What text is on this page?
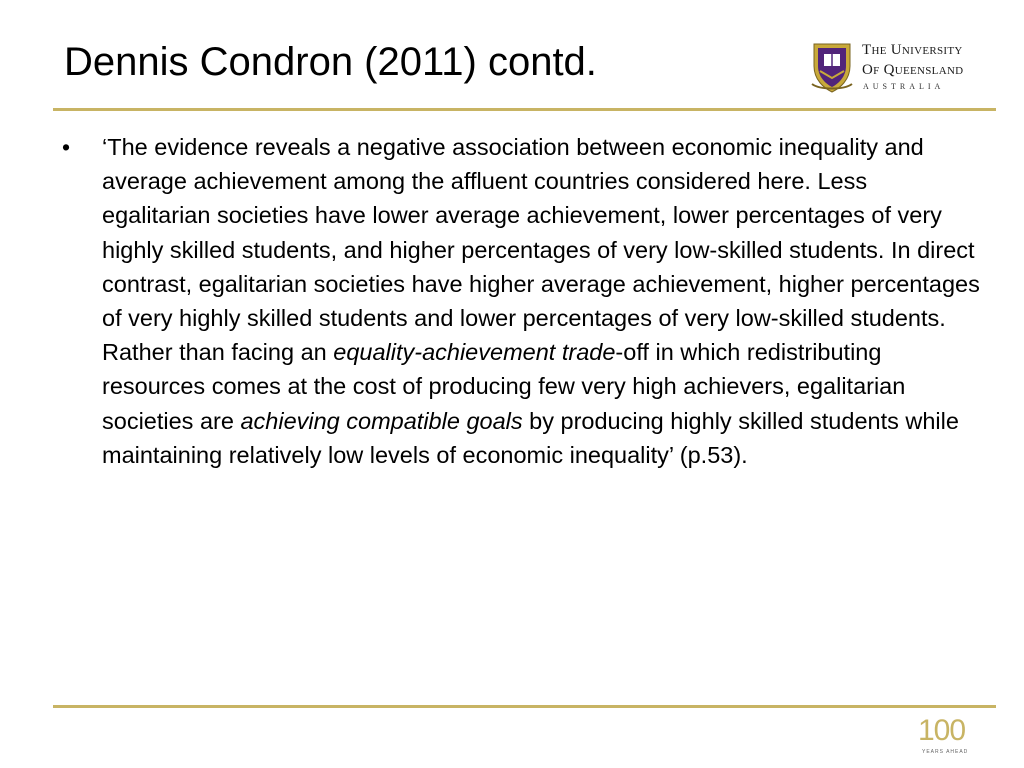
Dennis Condron (2011) contd.	The University
Of Queensland
AUSTRALIA
• ‘The evidence reveals a negative association between economic inequality and average achievement among the affluent countries considered here. Less egalitarian societies have lower average achievement, lower percentages of very highly skilled students, and higher percentages of very low-skilled students. In direct contrast, egalitarian societies have higher average achievement, higher percentages of very highly skilled students and lower percentages of very low-skilled students. Rather than facing an equality-achievement trade-off in which redistributing resources comes at the cost of producing few very high achievers, egalitarian societies are achieving compatible goals by producing highly skilled students while maintaining relatively low levels of economic inequality’ (p.53).

100
YEARS AHEAD
